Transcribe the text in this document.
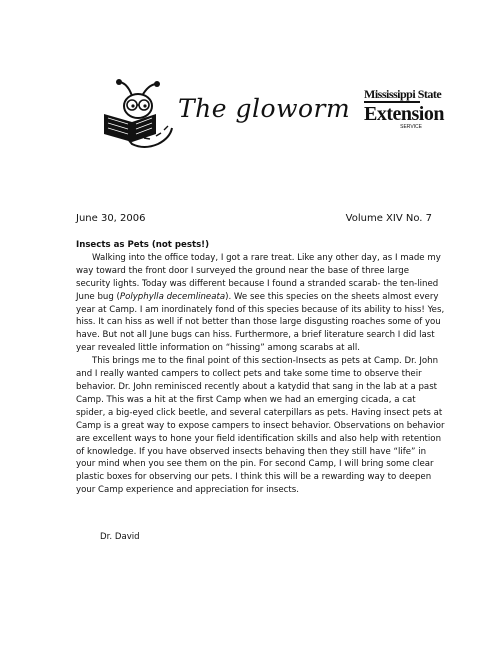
The gloworm Mississippi State
Extension
SERVICE
June 30, 2006	Volume XIV No. 7

Insects as Pets (not pests!)

Walking into the office today, I got a rare treat. Like any other day, as I made my way toward the front door I surveyed the ground near the base of three large security lights. Today was different because I found a stranded scarab- the ten-lined June bug (Polyphylla decemlineata). We see this species on the sheets almost every year at Camp. I am inordinately fond of this species because of its ability to hiss! Yes, hiss. It can hiss as well if not better than those large disgusting roaches some of you have. But not all June bugs can hiss. Furthermore, a brief literature search I did last year revealed little information on “hissing” among scarabs at all.

This brings me to the final point of this section-Insects as pets at Camp. Dr. John and I really wanted campers to collect pets and take some time to observe their behavior. Dr. John reminisced recently about a katydid that sang in the lab at a past Camp. This was a hit at the first Camp when we had an emerging cicada, a cat spider, a big-eyed click beetle, and several caterpillars as pets. Having insect pets at Camp is a great way to expose campers to insect behavior. Observations on behavior are excellent ways to hone your field identification skills and also help with retention of knowledge. If you have observed insects behaving then they still have “life” in your mind when you see them on the pin. For second Camp, I will bring some clear plastic boxes for observing our pets. I think this will be a rewarding way to deepen your Camp experience and appreciation for insects.

Dr. David
